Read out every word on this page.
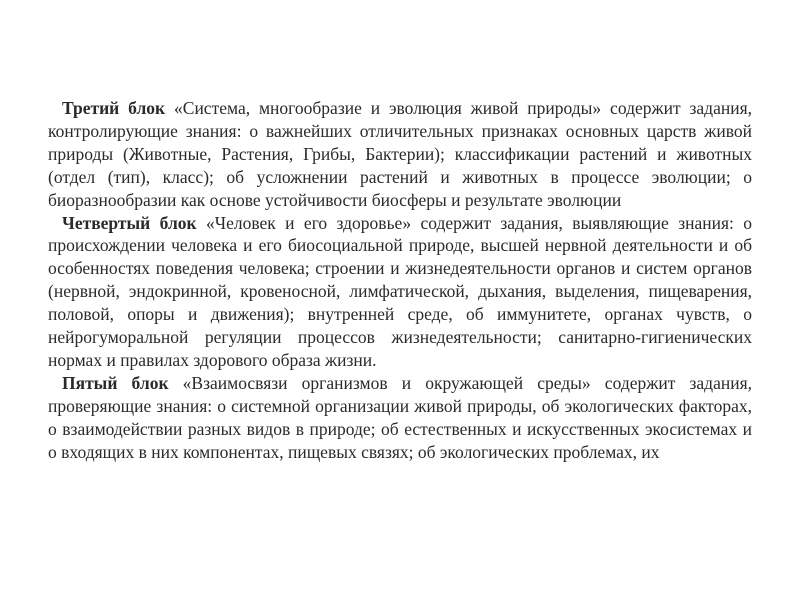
Третий блок «Система, многообразие и эволюция живой природы» содержит задания, контролирующие знания: о важнейших отличительных признаках основных царств живой природы (Животные, Растения, Грибы, Бактерии); классификации растений и животных (отдел (тип), класс); об усложнении растений и животных в процессе эволюции; о биоразнообразии как основе устойчивости биосферы и результате эволюции

Четвертый блок «Человек и его здоровье» содержит задания, выявляющие знания: о происхождении человека и его биосоциальной природе, высшей нервной деятельности и об особенностях поведения человека; строении и жизнедеятельности органов и систем органов (нервной, эндокринной, кровеносной, лимфатической, дыхания, выделения, пищеварения, половой, опоры и движения); внутренней среде, об иммунитете, органах чувств, о нейрогуморальной регуляции процессов жизнедеятельности; санитарно-гигиенических нормах и правилах здорового образа жизни.

Пятый блок «Взаимосвязи организмов и окружающей среды» содержит задания, проверяющие знания: о системной организации живой природы, об экологических факторах, о взаимодействии разных видов в природе; об естественных и искусственных экосистемах и о входящих в них компонентах, пищевых связях; об экологических проблемах, их
